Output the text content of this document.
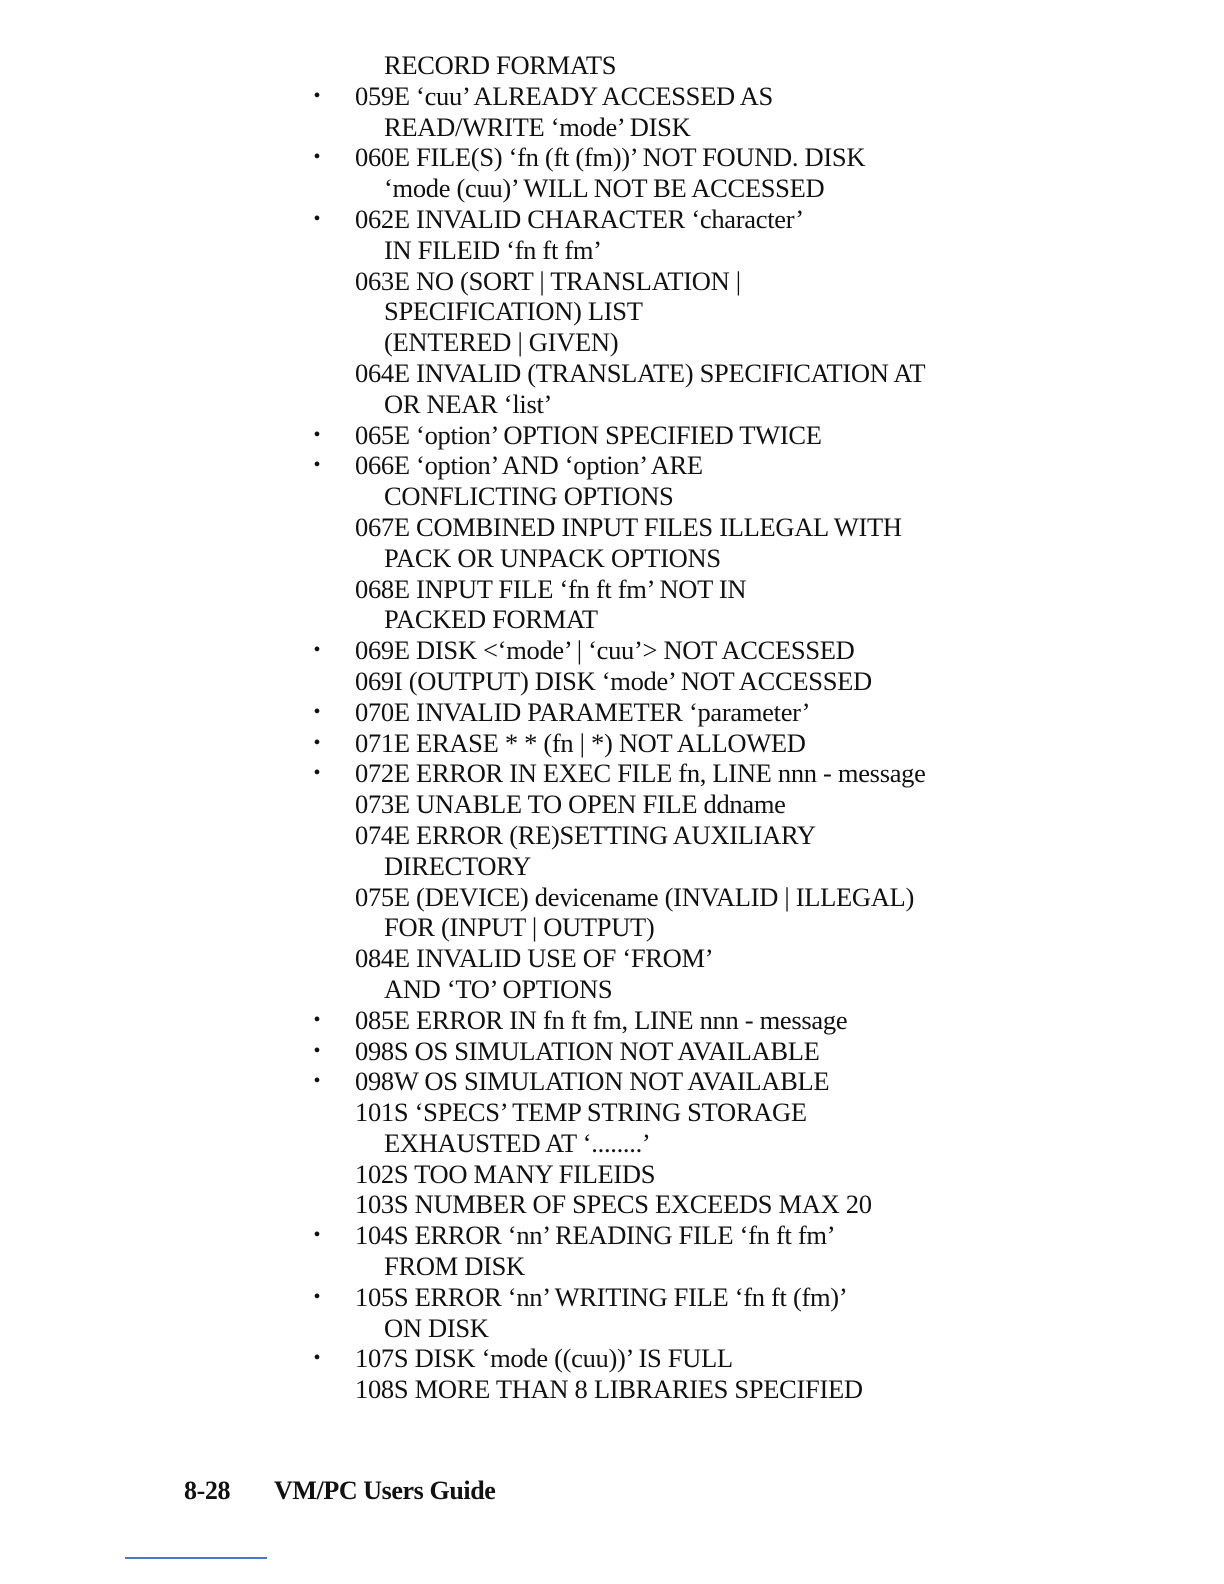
RECORD FORMATS
• 059E ‘cuu’ ALREADY ACCESSED AS
READ/WRITE ‘mode’ DISK
• 060E FILE(S) ‘fn (ft (fm))’ NOT FOUND. DISK
‘mode (cuu)’ WILL NOT BE ACCESSED
• 062E INVALID CHARACTER ‘character’
IN FILEID ‘fn ft fm’
063E NO (SORT | TRANSLATION |
SPECIFICATION) LIST
(ENTERED | GIVEN)
064E INVALID (TRANSLATE) SPECIFICATION AT
OR NEAR ‘list’
• 065E ‘option’ OPTION SPECIFIED TWICE
• 066E ‘option’ AND ‘option’ ARE
CONFLICTING OPTIONS
067E COMBINED INPUT FILES ILLEGAL WITH
PACK OR UNPACK OPTIONS
068E INPUT FILE ‘fn ft fm’ NOT IN
PACKED FORMAT
• 069E DISK <‘mode’ | ‘cuu’> NOT ACCESSED
069I (OUTPUT) DISK ‘mode’ NOT ACCESSED
• 070E INVALID PARAMETER ‘parameter’
• 071E ERASE * * (fn | *) NOT ALLOWED
• 072E ERROR IN EXEC FILE fn, LINE nnn - message
073E UNABLE TO OPEN FILE ddname
074E ERROR (RE)SETTING AUXILIARY
DIRECTORY
075E (DEVICE) devicename (INVALID | ILLEGAL)
FOR (INPUT | OUTPUT)
084E INVALID USE OF ‘FROM’
AND ‘TO’ OPTIONS
• 085E ERROR IN fn ft fm, LINE nnn - message
• 098S OS SIMULATION NOT AVAILABLE
• 098W OS SIMULATION NOT AVAILABLE
101S ‘SPECS’ TEMP STRING STORAGE
EXHAUSTED AT ‘........’
102S TOO MANY FILEIDS
103S NUMBER OF SPECS EXCEEDS MAX 20
• 104S ERROR ‘nn’ READING FILE ‘fn ft fm’
FROM DISK
• 105S ERROR ‘nn’ WRITING FILE ‘fn ft (fm)’
ON DISK
• 107S DISK ‘mode ((cuu))’ IS FULL
108S MORE THAN 8 LIBRARIES SPECIFIED
8-28 VM/PC Users Guide
